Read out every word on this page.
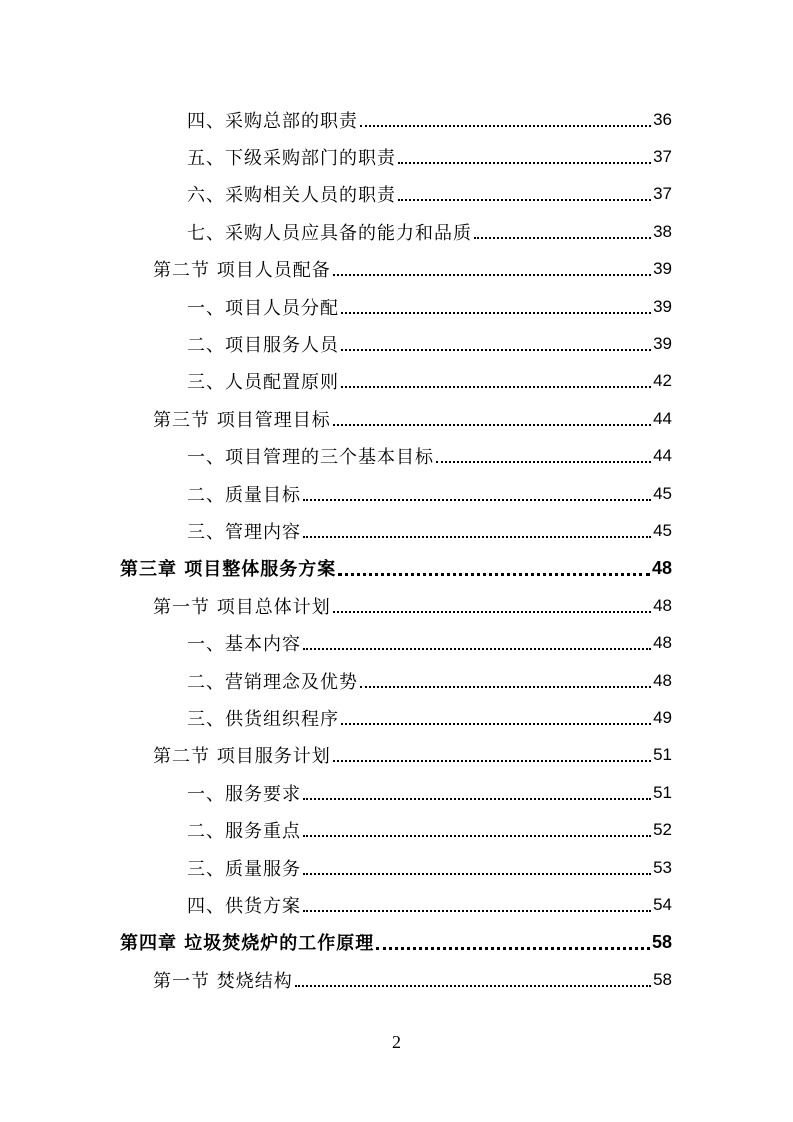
四、采购总部的职责	36
五、下级采购部门的职责	37
六、采购相关人员的职责	37
七、采购人员应具备的能力和品质	38
第二节 项目人员配备	39
一、项目人员分配	39
二、项目服务人员	39
三、人员配置原则	42
第三节 项目管理目标	44
一、项目管理的三个基本目标	44
二、质量目标	45
三、管理内容	45
第三章 项目整体服务方案	48
第一节 项目总体计划	48
一、基本内容	48
二、营销理念及优势	48
三、供货组织程序	49
第二节 项目服务计划	51
一、服务要求	51
二、服务重点	52
三、质量服务	53
四、供货方案	54
第四章 垃圾焚烧炉的工作原理	58
第一节 焚烧结构	58
2
